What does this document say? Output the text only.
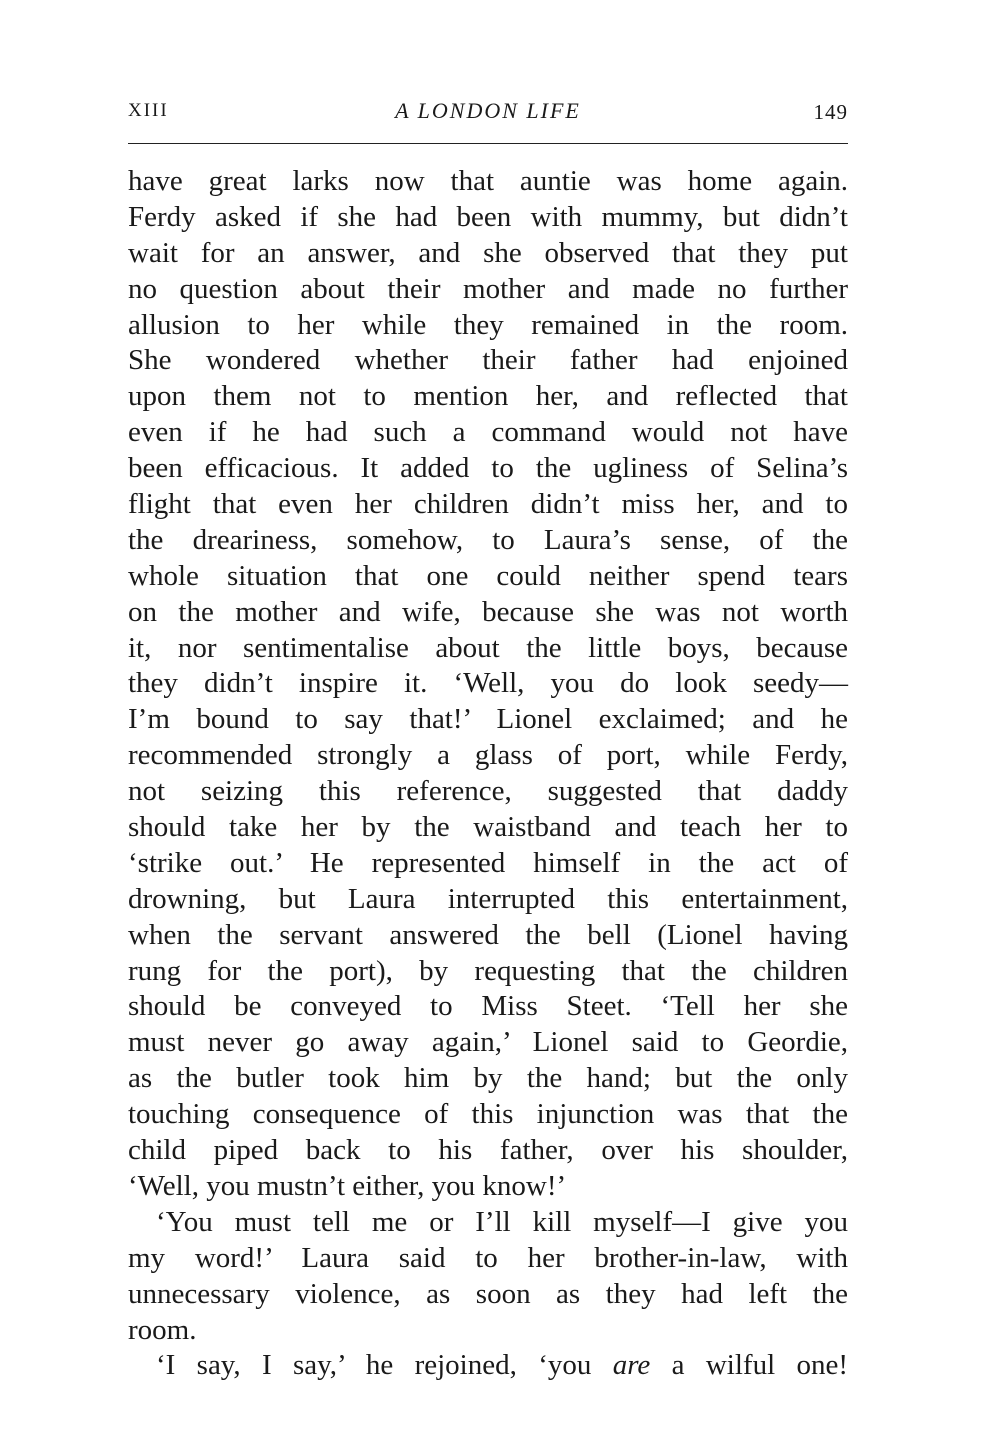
XIII	A LONDON LIFE	149
have great larks now that auntie was home again.
Ferdy asked if she had been with mummy, but didn’t
wait for an answer, and she observed that they put
no question about their mother and made no further
allusion to her while they remained in the room.
She wondered whether their father had enjoined
upon them not to mention her, and reflected that
even if he had such a command would not have
been efficacious. It added to the ugliness of Selina’s
flight that even her children didn’t miss her, and to
the dreariness, somehow, to Laura’s sense, of the
whole situation that one could neither spend tears
on the mother and wife, because she was not worth
it, nor sentimentalise about the little boys, because
they didn’t inspire it. ‘Well, you do look seedy—
I’m bound to say that!’ Lionel exclaimed; and he
recommended strongly a glass of port, while Ferdy,
not seizing this reference, suggested that daddy
should take her by the waistband and teach her to
‘strike out.’ He represented himself in the act of
drowning, but Laura interrupted this entertainment,
when the servant answered the bell (Lionel having
rung for the port), by requesting that the children
should be conveyed to Miss Steet. ‘Tell her she
must never go away again,’ Lionel said to Geordie,
as the butler took him by the hand; but the only
touching consequence of this injunction was that the
child piped back to his father, over his shoulder,
‘Well, you mustn’t either, you know!’
‘You must tell me or I’ll kill myself—I give you
my word!’ Laura said to her brother-in-law, with
unnecessary violence, as soon as they had left the
room.
‘I say, I say,’ he rejoined, ‘you are a wilful one!
